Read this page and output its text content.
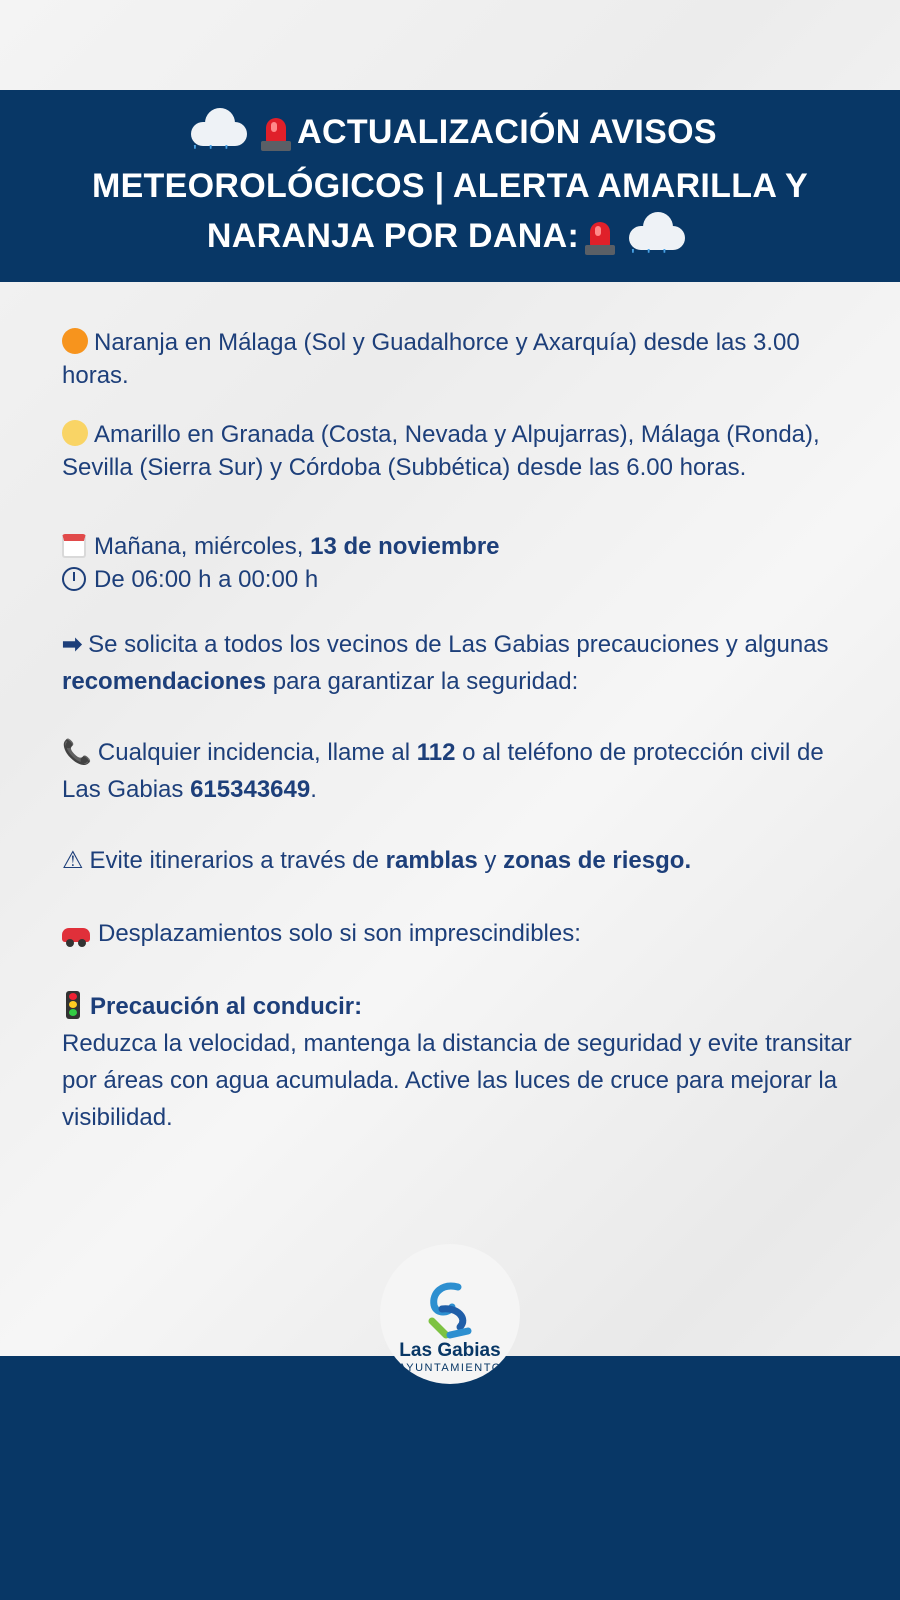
' ' ' ACTUALIZACIÓN AVISOS
METEOROLÓGICOS | ALERTA AMARILLA Y
NARANJA POR DANA:	' ' '

Naranja en Málaga (Sol y Guadalhorce y Axarquía) desde las 3.00 horas.

Amarillo en Granada (Costa, Nevada y Alpujarras), Málaga (Ronda), Sevilla (Sierra Sur) y Córdoba (Subbética) desde las 6.00 horas.

Mañana, miércoles, 13 de noviembre

De 06:00 h a 00:00 h

➡ Se solicita a todos los vecinos de Las Gabias precauciones y algunas recomendaciones para garantizar la seguridad:

📞 Cualquier incidencia, llame al 112 o al teléfono de protección civil de Las Gabias 615343649.

⚠ Evite itinerarios a través de ramblas y zonas de riesgo.

Desplazamientos solo si son imprescindibles:

Precaución al conducir:

Reduzca la velocidad, mantenga la distancia de seguridad y evite transitar por áreas con agua acumulada. Active las luces de cruce para mejorar la visibilidad.

Las Gabias
AYUNTAMIENTO
